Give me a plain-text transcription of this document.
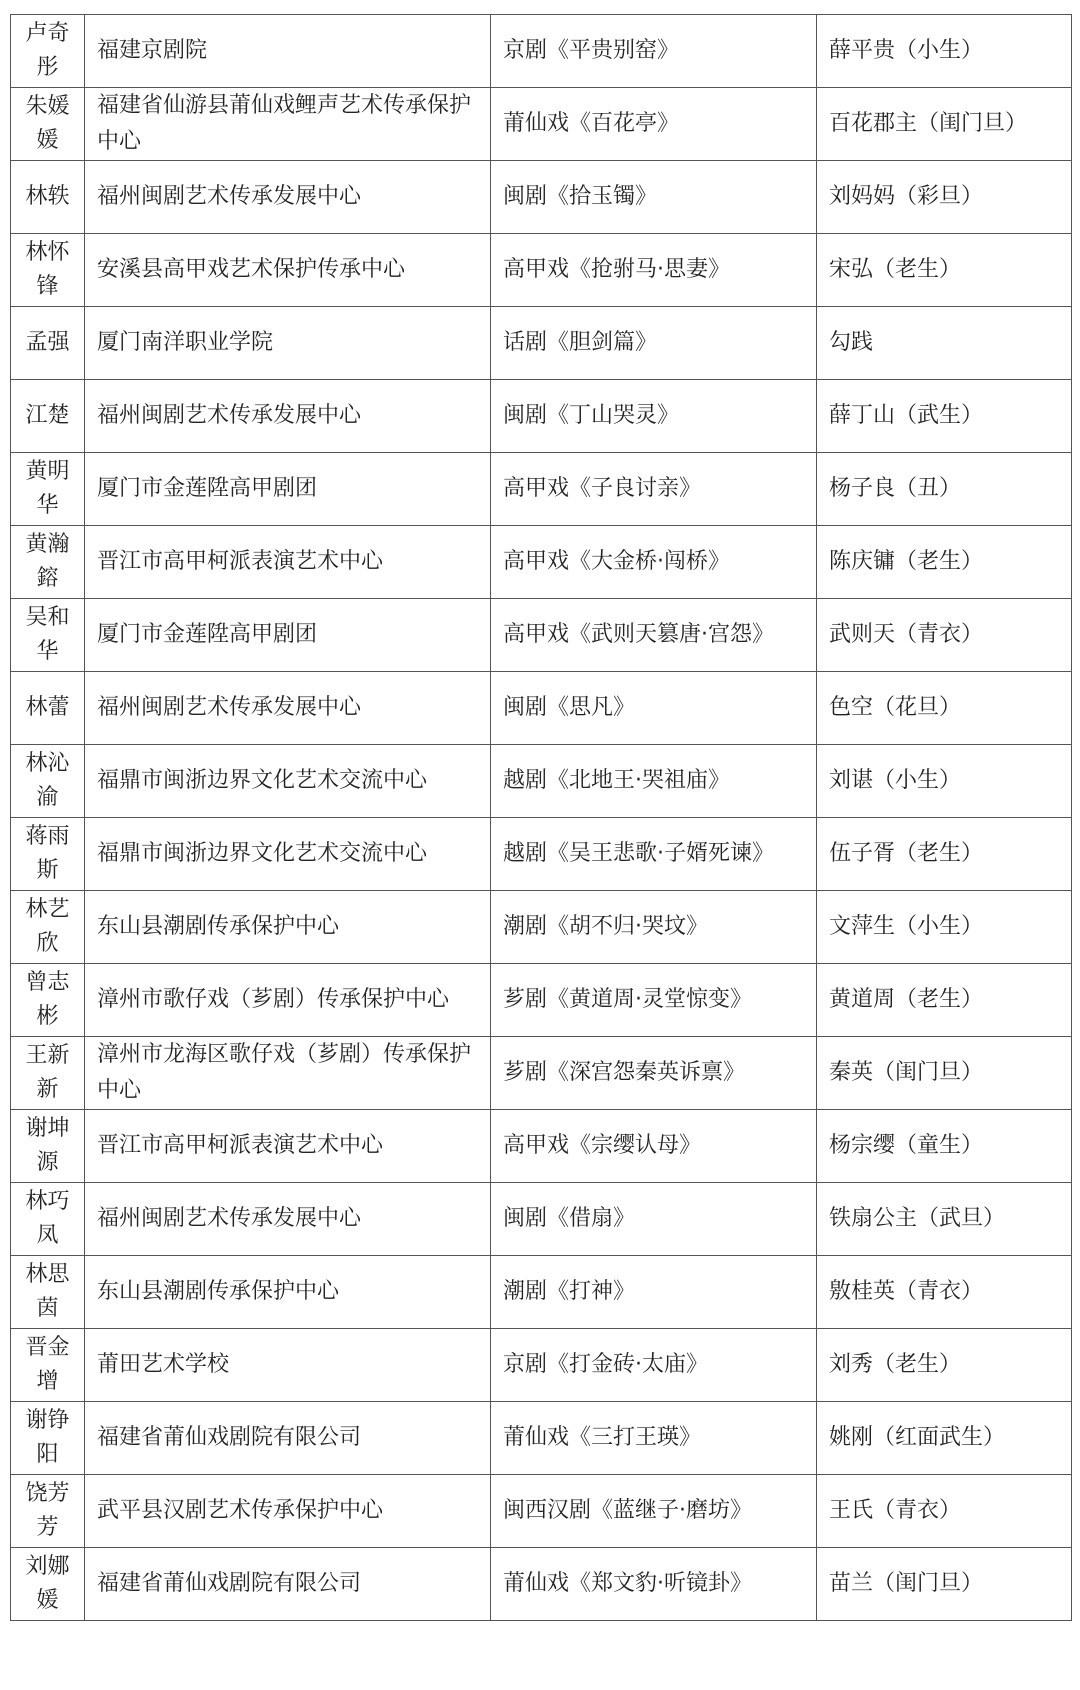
卢奇彤	福建京剧院	京剧《平贵别窑》	薛平贵（小生）
朱媛媛	福建省仙游县莆仙戏鲤声艺术传承保护中心	莆仙戏《百花亭》	百花郡主（闺门旦）
林轶	福州闽剧艺术传承发展中心	闽剧《拾玉镯》	刘妈妈（彩旦）
林怀锋	安溪县高甲戏艺术保护传承中心	高甲戏《抢驸马·思妻》	宋弘（老生）
孟强	厦门南洋职业学院	话剧《胆剑篇》	勾践
江楚	福州闽剧艺术传承发展中心	闽剧《丁山哭灵》	薛丁山（武生）
黄明华	厦门市金莲陞高甲剧团	高甲戏《子良讨亲》	杨子良（丑）
黄瀚鎔	晋江市高甲柯派表演艺术中心	高甲戏《大金桥·闯桥》	陈庆镛（老生）
吴和华	厦门市金莲陞高甲剧团	高甲戏《武则天篡唐·宫怨》	武则天（青衣）
林蕾	福州闽剧艺术传承发展中心	闽剧《思凡》	色空（花旦）
林沁渝	福鼎市闽浙边界文化艺术交流中心	越剧《北地王·哭祖庙》	刘谌（小生）
蒋雨斯	福鼎市闽浙边界文化艺术交流中心	越剧《吴王悲歌·子婿死谏》	伍子胥（老生）
林艺欣	东山县潮剧传承保护中心	潮剧《胡不归·哭坟》	文萍生（小生）
曾志彬	漳州市歌仔戏（芗剧）传承保护中心	芗剧《黄道周·灵堂惊变》	黄道周（老生）
王新新	漳州市龙海区歌仔戏（芗剧）传承保护中心	芗剧《深宫怨秦英诉禀》	秦英（闺门旦）
谢坤源	晋江市高甲柯派表演艺术中心	高甲戏《宗缨认母》	杨宗缨（童生）
林巧凤	福州闽剧艺术传承发展中心	闽剧《借扇》	铁扇公主（武旦）
林思茵	东山县潮剧传承保护中心	潮剧《打神》	敫桂英（青衣）
晋金增	莆田艺术学校	京剧《打金砖·太庙》	刘秀（老生）
谢铮阳	福建省莆仙戏剧院有限公司	莆仙戏《三打王瑛》	姚刚（红面武生）
饶芳芳	武平县汉剧艺术传承保护中心	闽西汉剧《蓝继子·磨坊》	王氏（青衣）
刘娜媛	福建省莆仙戏剧院有限公司	莆仙戏《郑文豹·听镜卦》	苗兰（闺门旦）
